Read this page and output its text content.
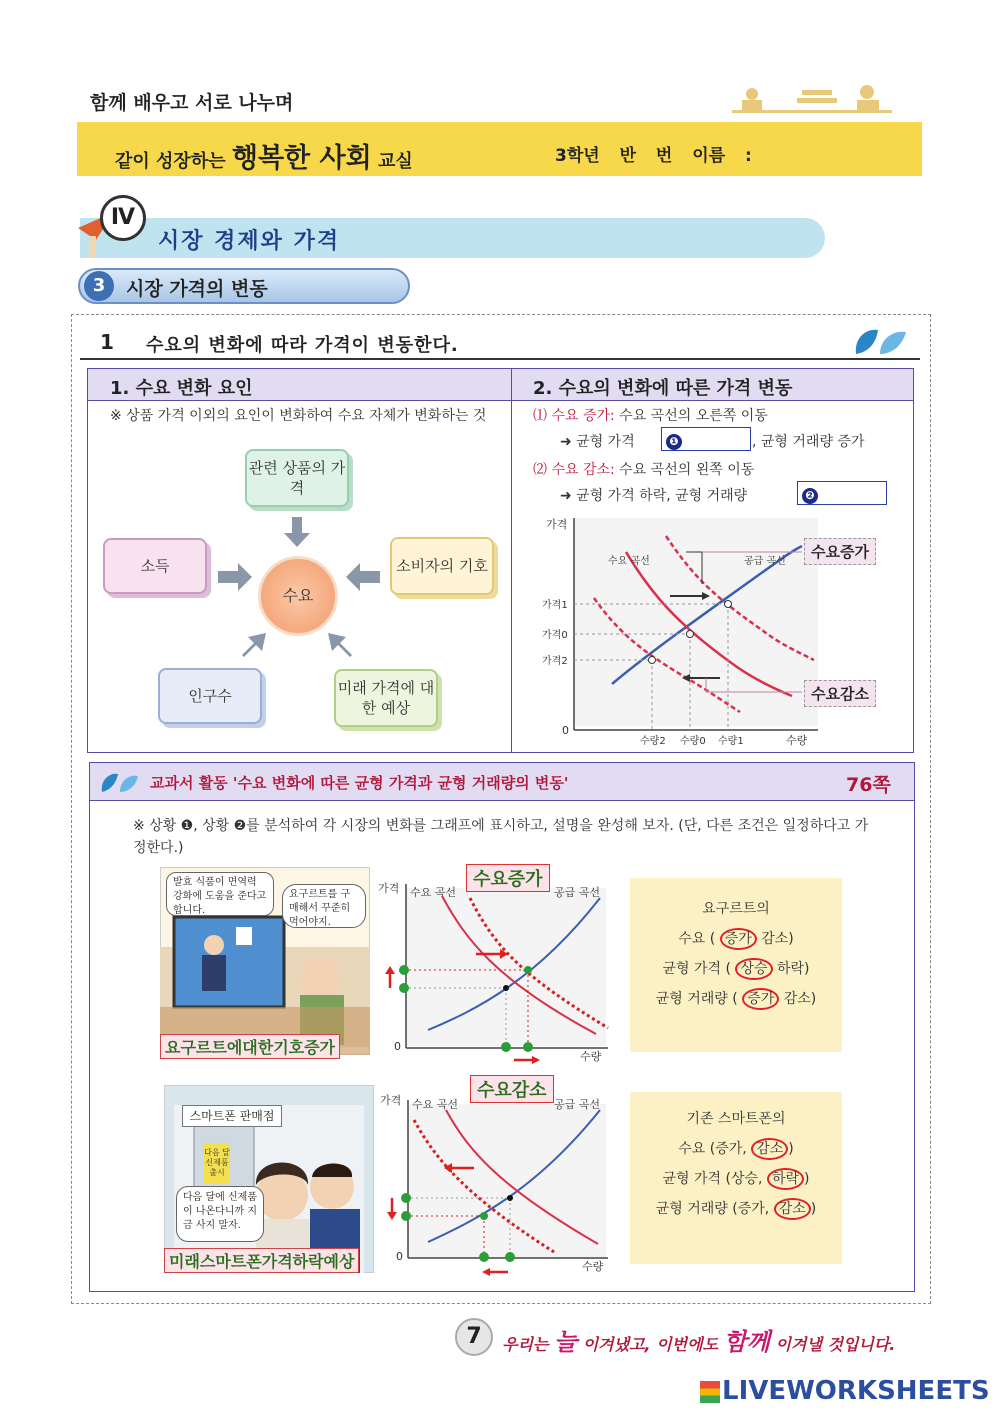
함께 배우고 서로 나누며
같이 성장하는 행복한 사회 교실	3학년 반 번 이름 :
Ⅳ
시장 경제와 가격
3	시장 가격의 변동
1 수요의 변화에 따라 가격이 변동한다.
1. 수요 변화 요인	2. 수요의 변화에 따른 가격 변동
※ 상품 가격 이외의 요인이 변화하여 수요 자체가 변화하는 것
관련 상품의 가격
소득	소비자의 기호
인구수	미래 가격에 대한 예상
수요
⑴ 수요 증가: 수요 곡선의 오른쪽 이동
➜ 균형 가격	❶	, 균형 거래량 증가
⑵ 수요 감소: 수요 곡선의 왼쪽 이동
➜ 균형 가격 하락, 균형 거래량	❷
가격
수량
0
가격1
가격0
가격2
수량2 수량0 수량1
수요 곡선	공급 곡선
수요증가
수요감소
교과서 활동 '수요 변화에 따른 균형 가격과 균형 거래량의 변동'	76쪽
※ 상황 ❶, 상황 ❷를 분석하여 각 시장의 변화를 그래프에 표시하고, 설명을 완성해 보자. (단, 다른 조건은 일정하다고 가정한다.)
발효 식품이 면역력 강화에 도움을 준다고 합니다.
요구르트를 구매해서 꾸준히 먹어야지.
요구르트에대한기호증가
가격
수량
0
수요 곡선	공급 곡선
수요증가
요구르트의
수요 ( 증가 감소)
균형 가격 ( 상승 하락)
균형 거래량 ( 증가 감소)
스마트폰 판매점
다음 달 신제품 출시
다음 달에 신제품이 나온다니까 지금 사지 말자.
미래스마트폰가격하락예상
가격
수량
0
수요 곡선	공급 곡선
수요감소
기존 스마트폰의
수요 (증가, 감소 )
균형 가격 (상승, 하락 )
균형 거래량 (증가, 감소 )
7	우리는 늘 이겨냈고, 이번에도 함께 이겨낼 것입니다.
LIVEWORKSHEETS
